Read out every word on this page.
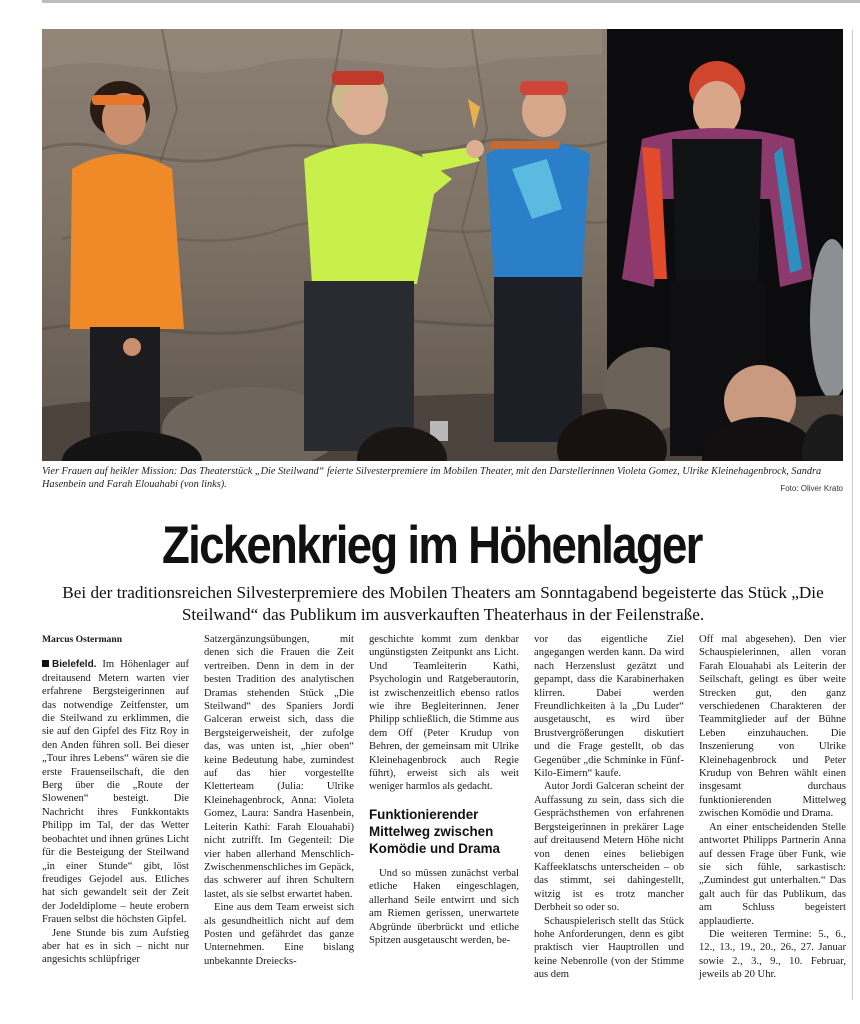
Vier Frauen auf heikler Mission: Das Theaterstück „Die Steilwand“ feierte Silvesterpremiere im Mobilen Theater, mit den Darstellerinnen Violeta Gomez, Ulrike Kleinehagenbrock, Sandra Hasenbein und Farah Elouahabi (von links).	Foto: Oliver Krato
Zickenkrieg im Höhenlager

Bei der traditionsreichen Silvesterpremiere des Mobilen Theaters am Sonntagabend begeisterte das Stück „Die Steilwand“ das Publikum im ausverkauften Theaterhaus in der Feilenstraße.

Marcus Ostermann

Bielefeld. Im Höhenlager auf dreitausend Metern warten vier erfahrene Bergsteigerinnen auf das notwendige Zeitfenster, um die Steilwand zu erklimmen, die sie auf den Gipfel des Fitz Roy in den Anden führen soll. Bei dieser „Tour ihres Lebens“ wären sie die erste Frauenseilschaft, die den Berg über die „Route der Slowenen“ besteigt. Die Nachricht ihres Funkkontakts Philipp im Tal, der das Wetter beobachtet und ihnen grünes Licht für die Besteigung der Steilwand „in einer Stunde“ gibt, löst freudiges Gejodel aus. Etliches hat sich gewandelt seit der Zeit der Jodeldiplome – heute erobern Frauen selbst die höchsten Gipfel.

Jene Stunde bis zum Aufstieg aber hat es in sich – nicht nur angesichts schlüpfriger

Satzergänzungsübungen, mit denen sich die Frauen die Zeit vertreiben. Denn in dem in der besten Tradition des analytischen Dramas stehenden Stück „Die Steilwand“ des Spaniers Jordi Galceran erweist sich, dass die Bergsteigerweisheit, der zufolge das, was unten ist, „hier oben“ keine Bedeutung habe, zumindest auf das hier vorgestellte Kletterteam (Julia: Ulrike Kleinehagenbrock, Anna: Violeta Gomez, Laura: Sandra Hasenbein, Leiterin Kathi: Farah Elouahabi) nicht zutrifft. Im Gegenteil: Die vier haben allerhand Menschlich-Zwischenmenschliches im Gepäck, das schwerer auf ihren Schultern lastet, als sie selbst erwartet haben.

Eine aus dem Team erweist sich als gesundheitlich nicht auf dem Posten und gefährdet das ganze Unternehmen. Eine bislang unbekannte Dreiecks-

geschichte kommt zum denkbar ungünstigsten Zeitpunkt ans Licht. Und Teamleiterin Kathi, Psychologin und Ratgeberautorin, ist zwischenzeitlich ebenso ratlos wie ihre Begleiterinnen. Jener Philipp schließlich, die Stimme aus dem Off (Peter Krudup von Behren, der gemeinsam mit Ulrike Kleinehagenbrock auch Regie führt), erweist sich als weit weniger harmlos als gedacht.

Funktionierender Mittelweg zwischen Komödie und Drama

Und so müssen zunächst verbal etliche Haken eingeschlagen, allerhand Seile entwirrt und sich am Riemen gerissen, unerwartete Abgründe überbrückt und etliche Spitzen ausgetauscht werden, be-

vor das eigentliche Ziel angegangen werden kann. Da wird nach Herzenslust gezätzt und gepampt, dass die Karabinerhaken klirren. Dabei werden Freundlichkeiten à la „Du Luder“ ausgetauscht, es wird über Brustvergrößerungen diskutiert und die Frage gestellt, ob das Gegenüber „die Schminke in Fünf-Kilo-Eimern“ kaufe.

Autor Jordi Galceran scheint der Auffassung zu sein, dass sich die Gesprächsthemen von erfahrenen Bergsteigerinnen in prekärer Lage auf dreitausend Metern Höhe nicht von denen eines beliebigen Kaffeeklatschs unterscheiden – ob das stimmt, sei dahingestellt, witzig ist es trotz mancher Derbheit so oder so.

Schauspielerisch stellt das Stück hohe Anforderungen, denn es gibt praktisch vier Hauptrollen und keine Nebenrolle (von der Stimme aus dem

Off mal abgesehen). Den vier Schauspielerinnen, allen voran Farah Elouahabi als Leiterin der Seilschaft, gelingt es über weite Strecken gut, den ganz verschiedenen Charakteren der Teammitglieder auf der Bühne Leben einzuhauchen. Die Inszenierung von Ulrike Kleinehagenbrock und Peter Krudup von Behren wählt einen insgesamt durchaus funktionierenden Mittelweg zwischen Komödie und Drama.

An einer entscheidenden Stelle antwortet Philipps Partnerin Anna auf dessen Frage über Funk, wie sie sich fühle, sarkastisch: „Zumindest gut unterhalten.“ Das galt auch für das Publikum, das am Schluss begeistert applaudierte.

Die weiteren Termine: 5., 6., 12., 13., 19., 20., 26., 27. Januar sowie 2., 3., 9., 10. Februar, jeweils ab 20 Uhr.
